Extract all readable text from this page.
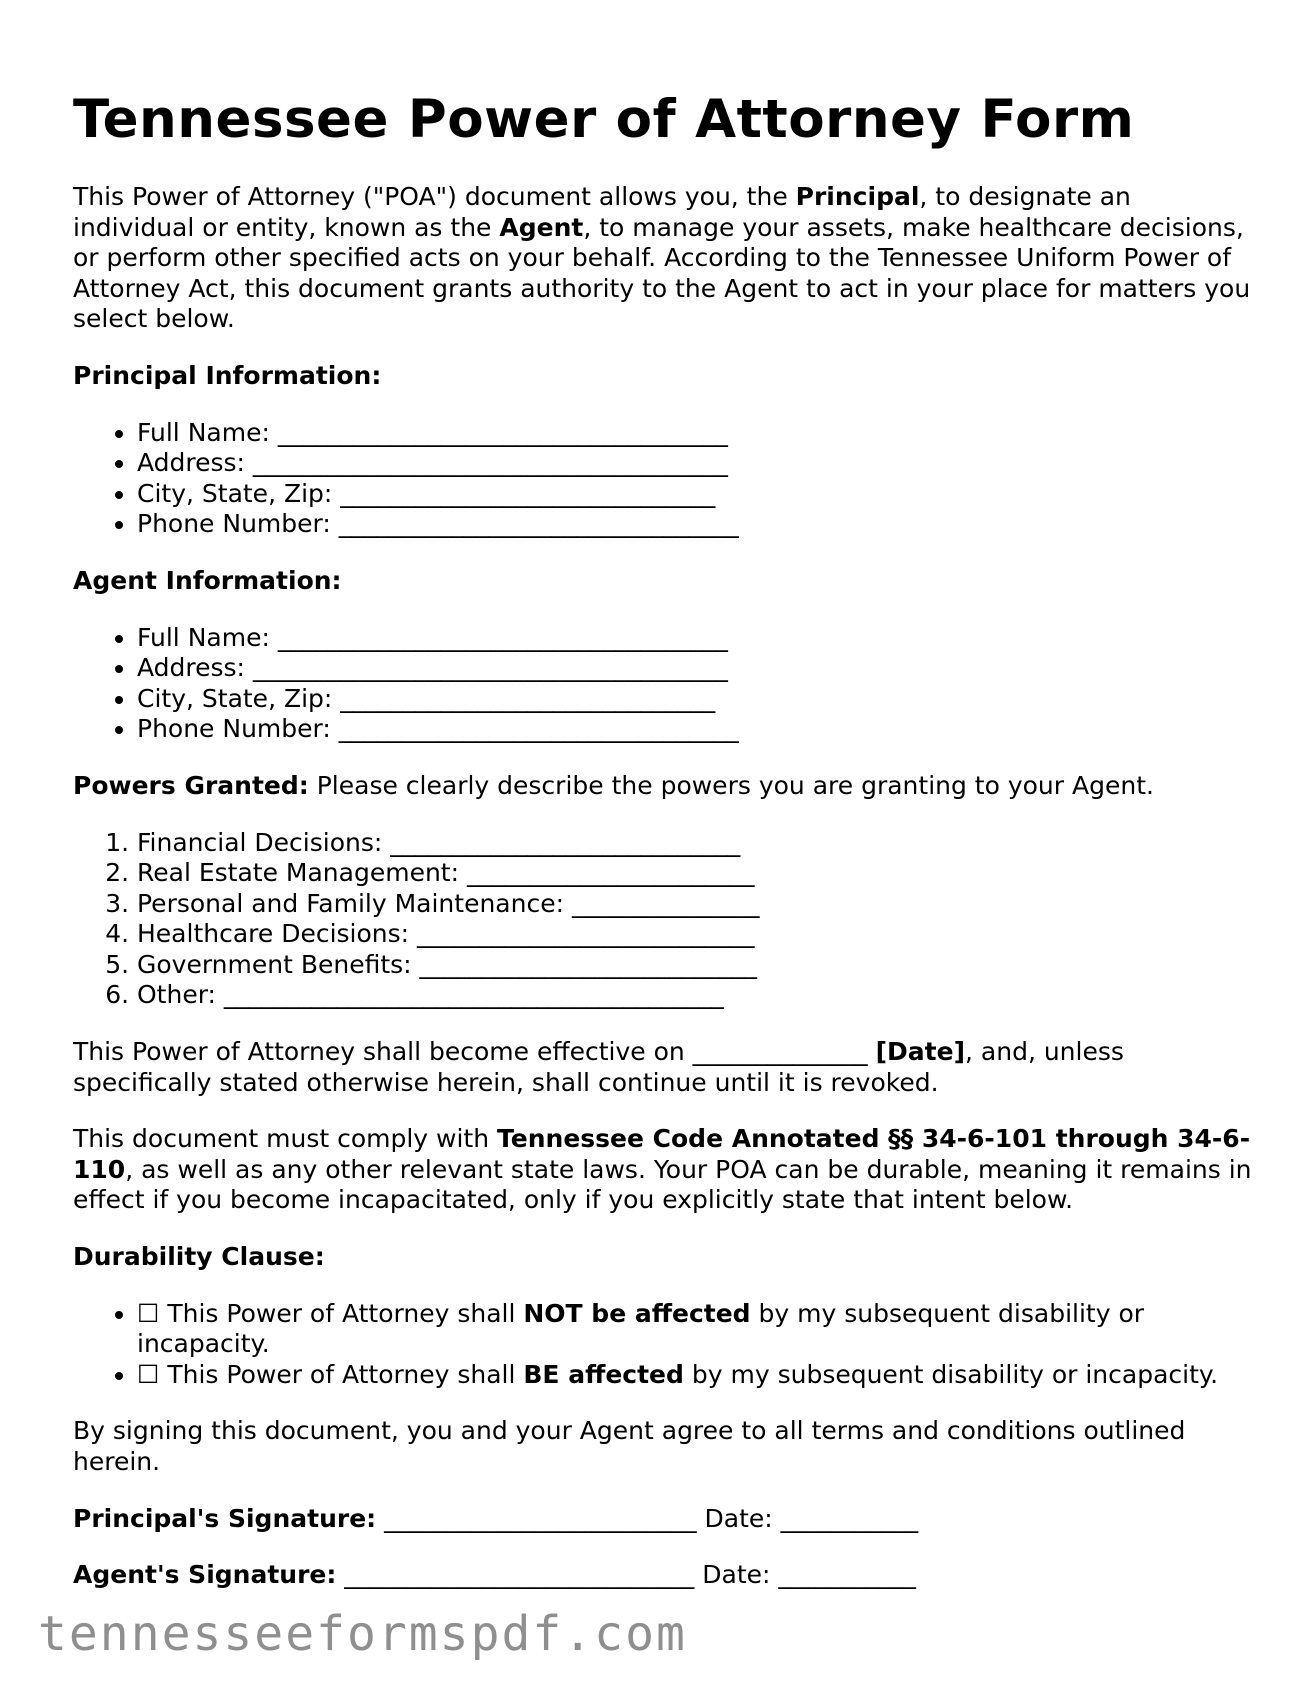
Tennessee Power of Attorney Form

This Power of Attorney ("POA") document allows you, the Principal, to designate an individual or entity, known as the Agent, to manage your assets, make healthcare decisions, or perform other specified acts on your behalf. According to the Tennessee Uniform Power of Attorney Act, this document grants authority to the Agent to act in your place for matters you select below.

Principal Information:

• Full Name: ____________________________________
• Address: ______________________________________
• City, State, Zip: ______________________________
• Phone Number: ________________________________

Agent Information:

• Full Name: ____________________________________
• Address: ______________________________________
• City, State, Zip: ______________________________
• Phone Number: ________________________________

Powers Granted: Please clearly describe the powers you are granting to your Agent.

1. Financial Decisions: ____________________________
2. Real Estate Management: _______________________
3. Personal and Family Maintenance: _______________
4. Healthcare Decisions: ___________________________
5. Government Benefits: ___________________________
6. Other: ________________________________________

This Power of Attorney shall become effective on ______________ [Date], and, unless specifically stated otherwise herein, shall continue until it is revoked.

This document must comply with Tennessee Code Annotated §§ 34-6-101 through 34-6-110, as well as any other relevant state laws. Your POA can be durable, meaning it remains in effect if you become incapacitated, only if you explicitly state that intent below.

Durability Clause:

• ☐ This Power of Attorney shall NOT be affected by my subsequent disability or incapacity.
• ☐ This Power of Attorney shall BE affected by my subsequent disability or incapacity.

By signing this document, you and your Agent agree to all terms and conditions outlined herein.

Principal's Signature: _________________________ Date: ___________
Agent's Signature: ____________________________ Date: ___________
tennesseeformspdf.com
